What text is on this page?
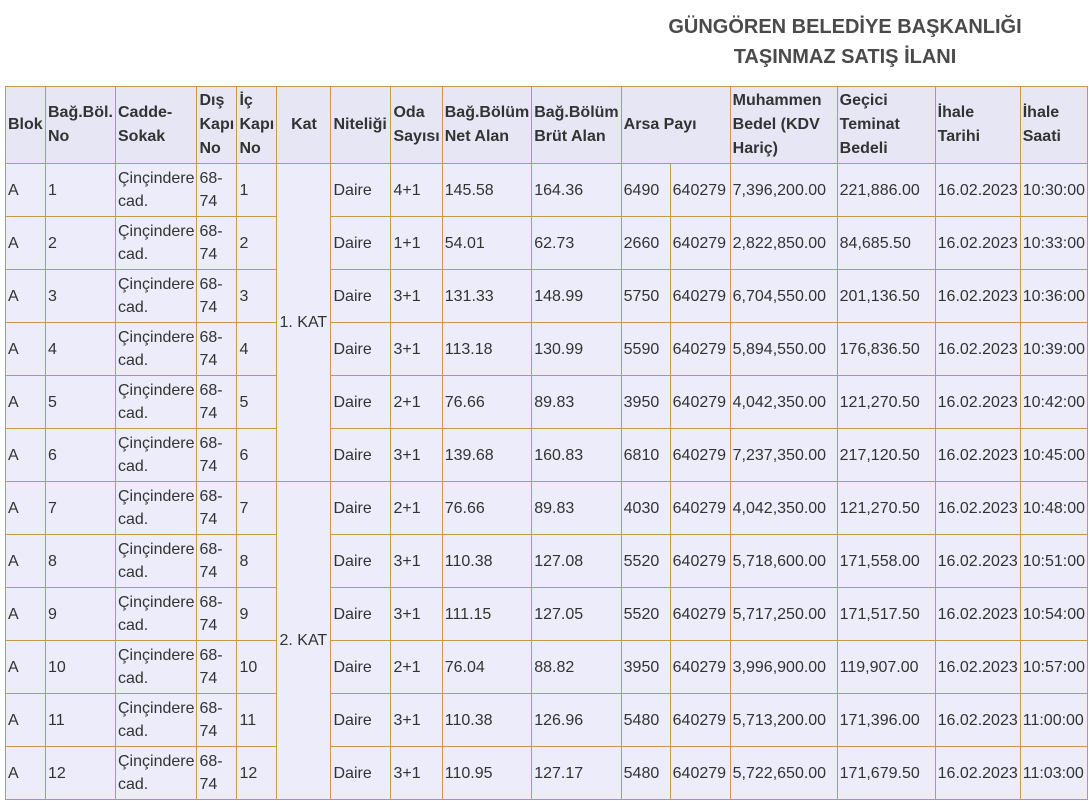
GÜNGÖREN BELEDİYE BAŞKANLIĞI
TAŞINMAZ SATIŞ İLANI
Blok	Bağ.Böl. No	Cadde-Sokak	Dış Kapı No	İç Kapı No	Kat	Niteliği	Oda Sayısı	Bağ.Bölüm Net Alan	Bağ.Bölüm Brüt Alan	Arsa Payı		Muhammen Bedel (KDV Hariç)	Geçici Teminat Bedeli	İhale Tarihi	İhale Saati
A	1	Çinçindere cad.	68-74	1	1. KAT	Daire	4+1	145.58	164.36	6490	640279	7,396,200.00	221,886.00	16.02.2023	10:30:00
A	2	Çinçindere cad.	68-74	2		Daire	1+1	54.01	62.73	2660	640279	2,822,850.00	84,685.50	16.02.2023	10:33:00
A	3	Çinçindere cad.	68-74	3		Daire	3+1	131.33	148.99	5750	640279	6,704,550.00	201,136.50	16.02.2023	10:36:00
A	4	Çinçindere cad.	68-74	4		Daire	3+1	113.18	130.99	5590	640279	5,894,550.00	176,836.50	16.02.2023	10:39:00
A	5	Çinçindere cad.	68-74	5		Daire	2+1	76.66	89.83	3950	640279	4,042,350.00	121,270.50	16.02.2023	10:42:00
A	6	Çinçindere cad.	68-74	6		Daire	3+1	139.68	160.83	6810	640279	7,237,350.00	217,120.50	16.02.2023	10:45:00
A	7	Çinçindere cad.	68-74	7	2. KAT	Daire	2+1	76.66	89.83	4030	640279	4,042,350.00	121,270.50	16.02.2023	10:48:00
A	8	Çinçindere cad.	68-74	8		Daire	3+1	110.38	127.08	5520	640279	5,718,600.00	171,558.00	16.02.2023	10:51:00
A	9	Çinçindere cad.	68-74	9		Daire	3+1	111.15	127.05	5520	640279	5,717,250.00	171,517.50	16.02.2023	10:54:00
A	10	Çinçindere cad.	68-74	10		Daire	2+1	76.04	88.82	3950	640279	3,996,900.00	119,907.00	16.02.2023	10:57:00
A	11	Çinçindere cad.	68-74	11		Daire	3+1	110.38	126.96	5480	640279	5,713,200.00	171,396.00	16.02.2023	11:00:00
A	12	Çinçindere cad.	68-74	12		Daire	3+1	110.95	127.17	5480	640279	5,722,650.00	171,679.50	16.02.2023	11:03:00
